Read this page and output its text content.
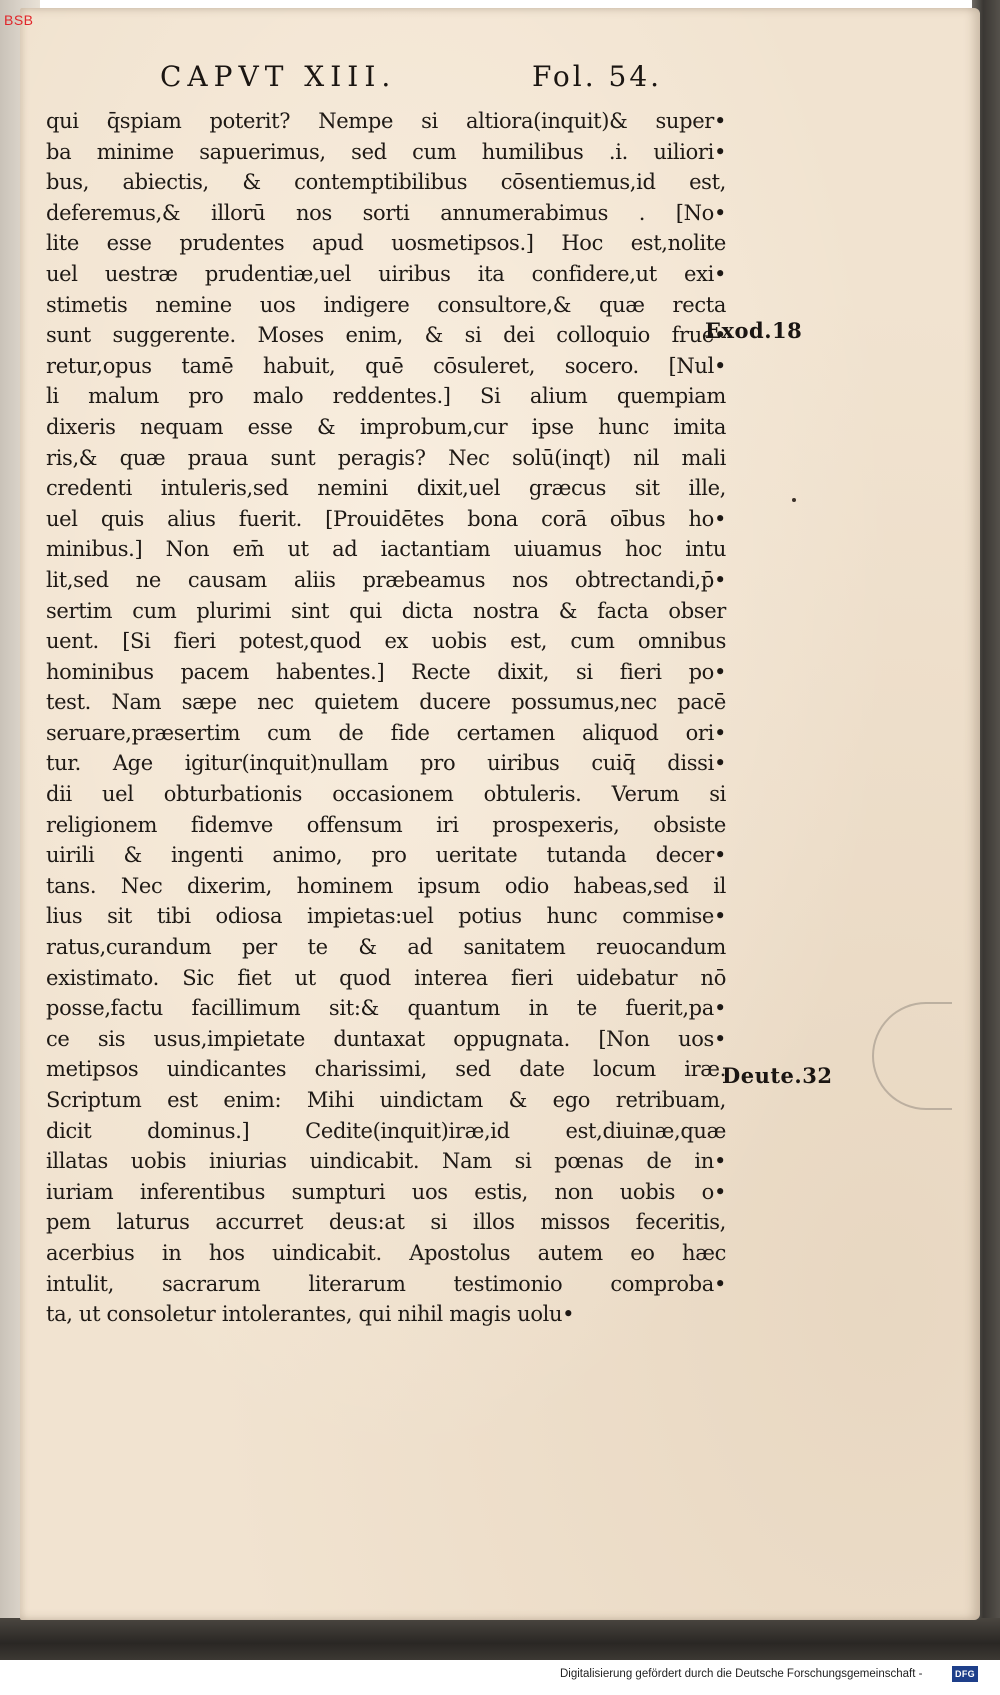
BSB
CAPVT XIII.	Fol. 54.
qui q̄spiam poterit? Nempe si altiora(inquit)& super•
ba minime sapuerimus, sed cum humilibus .i. uiliori•
bus, abiectis, & contemptibilibus cōsentiemus,id est,
deferemus,& illorū nos sorti annumerabimus . [No•
lite esse prudentes apud uosmetipsos.] Hoc est,nolite
uel uestræ prudentiæ,uel uiribus ita confidere,ut exi•
stimetis nemine uos indigere consultore,& quæ recta
sunt suggerente. Moses enim, & si dei colloquio frue•
retur,opus tamē habuit, quē cōsuleret, socero. [Nul•
li malum pro malo reddentes.] Si alium quempiam
dixeris nequam esse & improbum,cur ipse hunc imita
ris,& quæ praua sunt peragis? Nec solū(inqt) nil mali
credenti intuleris,sed nemini dixit,uel græcus sit ille,
uel quis alius fuerit. [Prouidētes bona corā oībus ho•
minibus.] Non em̄ ut ad iactantiam uiuamus hoc intu
lit,sed ne causam aliis præbeamus nos obtrectandi,p̄•
sertim cum plurimi sint qui dicta nostra & facta obser
uent. [Si fieri potest,quod ex uobis est, cum omnibus
hominibus pacem habentes.] Recte dixit, si fieri po•
test. Nam sæpe nec quietem ducere possumus,nec pacē
seruare,præsertim cum de fide certamen aliquod ori•
tur. Age igitur(inquit)nullam pro uiribus cuiq̄ dissi•
dii uel obturbationis occasionem obtuleris. Verum si
religionem fidemve offensum iri prospexeris, obsiste
uirili & ingenti animo, pro ueritate tutanda decer•
tans. Nec dixerim, hominem ipsum odio habeas,sed il
lius sit tibi odiosa impietas:uel potius hunc commise•
ratus,curandum per te & ad sanitatem reuocandum
existimato. Sic fiet ut quod interea fieri uidebatur nō
posse,factu facillimum sit:& quantum in te fuerit,pa•
ce sis usus,impietate duntaxat oppugnata. [Non uos•
metipsos uindicantes charissimi, sed date locum iræ.
Scriptum est enim: Mihi uindictam & ego retribuam,
dicit dominus.] Cedite(inquit)iræ,id est,diuinæ,quæ
illatas uobis iniurias uindicabit. Nam si pœnas de in•
iuriam inferentibus sumpturi uos estis, non uobis o•
pem laturus accurret deus:at si illos missos feceritis,
acerbius in hos uindicabit. Apostolus autem eo hæc
intulit, sacrarum literarum testimonio comproba•
ta, ut consoletur intolerantes, qui nihil magis uolu•
Exod.18
Deute.32
Digitalisierung gefördert durch die Deutsche Forschungsgemeinschaft -	DFG
